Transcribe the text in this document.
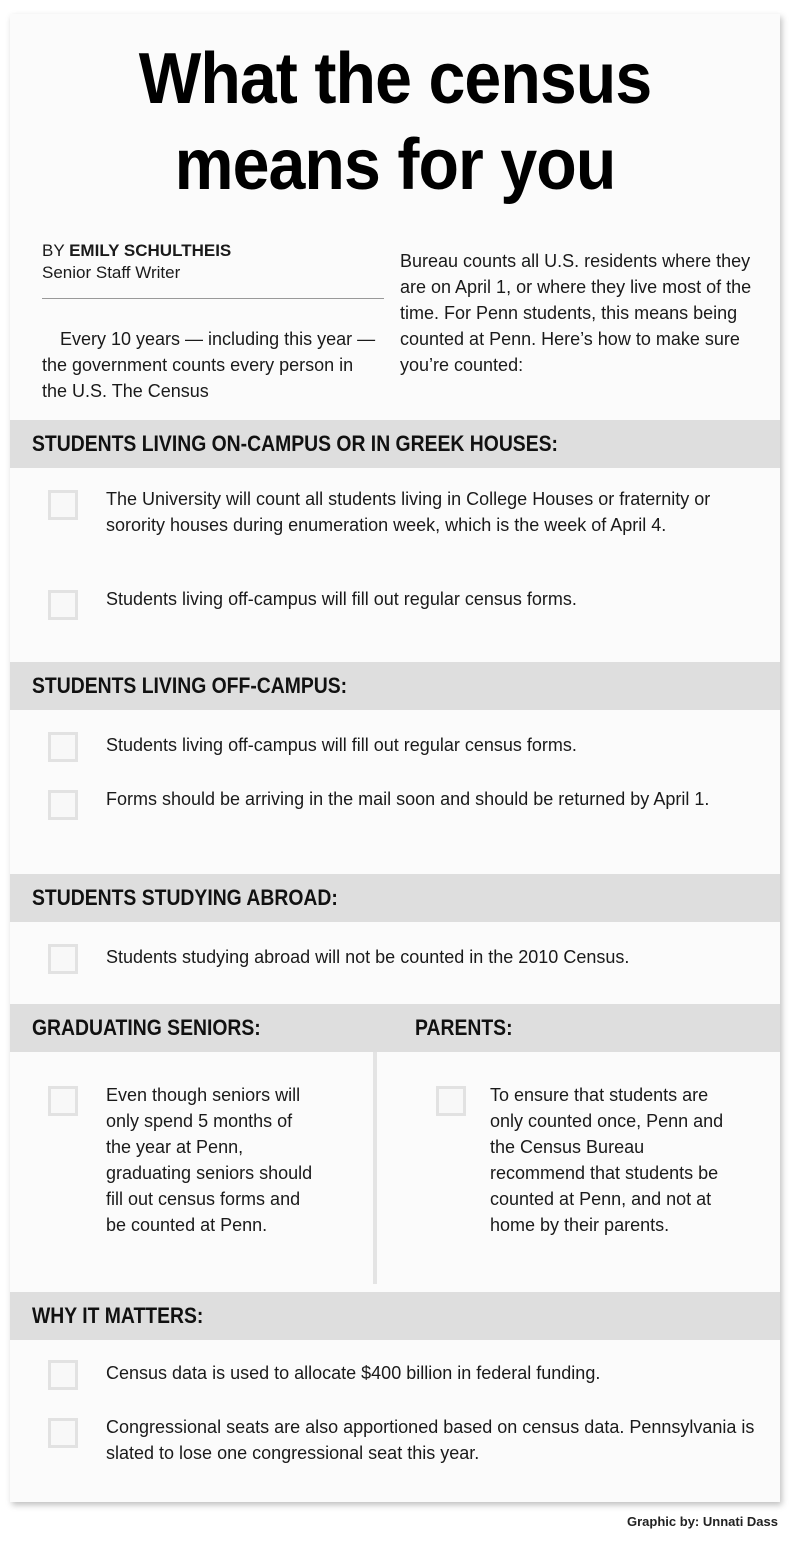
What the census
means for you
BY EMILY SCHULTHEIS
Senior Staff Writer
Every 10 years — including this year — the government counts every person in the U.S. The Census
Bureau counts all U.S. residents where they are on April 1, or where they live most of the time. For Penn students, this means being counted at Penn. Here’s how to make sure you’re counted:
STUDENTS LIVING ON-CAMPUS OR IN GREEK HOUSES:
The University will count all students living in College Houses or fraternity or sorority houses during enumeration week, which is the week of April 4.
Students living off-campus will fill out regular census forms.
STUDENTS LIVING OFF-CAMPUS:
Students living off-campus will fill out regular census forms.
Forms should be arriving in the mail soon and should be returned by April 1.
STUDENTS STUDYING ABROAD:
Students studying abroad will not be counted in the 2010 Census.
GRADUATING SENIORS:	PARENTS:
Even though seniors will only spend 5 months of the year at Penn, graduating seniors should fill out census forms and be counted at Penn.
To ensure that students are only counted once, Penn and the Census Bureau recommend that students be counted at Penn, and not at home by their parents.
WHY IT MATTERS:
Census data is used to allocate $400 billion in federal funding.
Congressional seats are also apportioned based on census data. Pennsylvania is slated to lose one congressional seat this year.
Graphic by: Unnati Dass
